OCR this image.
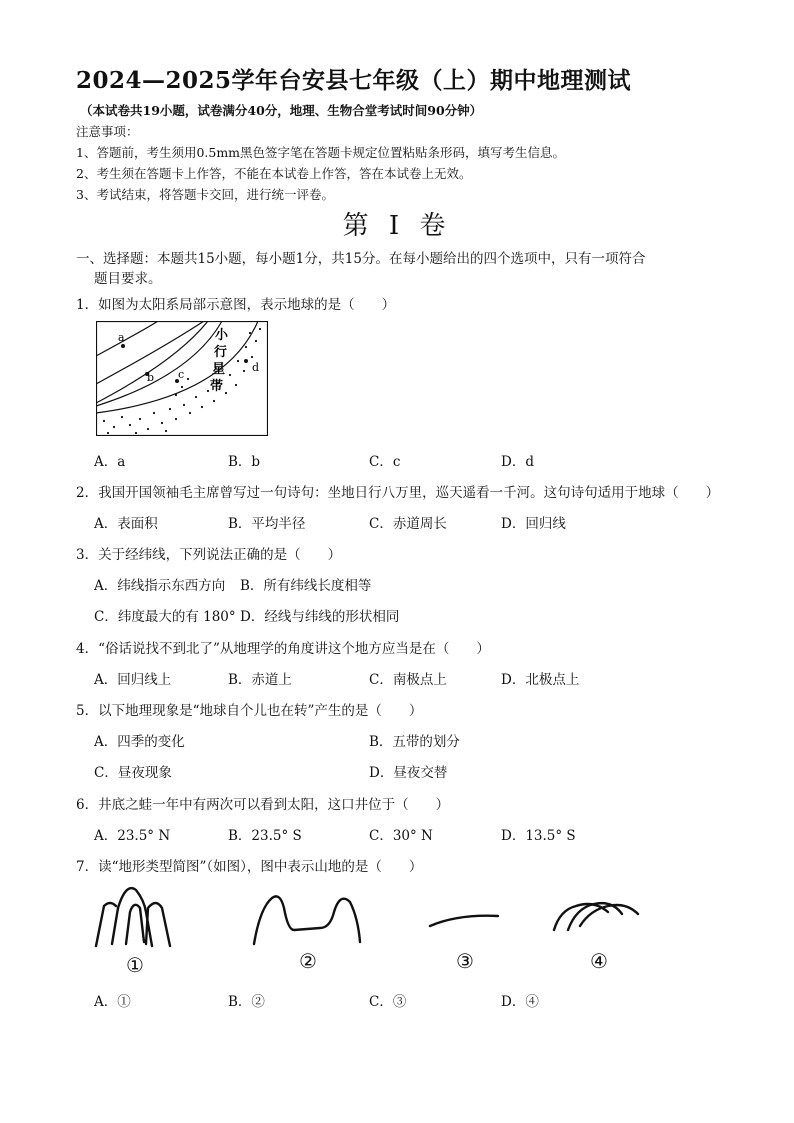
2024—2025学年台安县七年级（上）期中地理测试
（本试卷共19小题，试卷满分40分，地理、生物合堂考试时间90分钟）
注意事项：
1、答题前，考生须用0.5mm黑色签字笔在答题卡规定位置粘贴条形码，填写考生信息。
2、考生须在答题卡上作答，不能在本试卷上作答，答在本试卷上无效。
3、考试结束，将答题卡交回，进行统一评卷。
第 I 卷
一、选择题：本题共15小题，每小题1分，共15分。在每小题给出的四个选项中，只有一项符合
题目要求。
1．如图为太阳系局部示意图，表示地球的是（　　）
a
b c
d
小
行
星
带
A．a	B．b	C．c	D．d
2．我国开国领袖毛主席曾写过一句诗句：坐地日行八万里，巡天遥看一千河。这句诗句适用于地球（　　）
A．表面积	B．平均半径	C．赤道周长	D．回归线
3．关于经纬线，下列说法正确的是（　　）
A．纬线指示东西方向 B．所有纬线长度相等
C．纬度最大的有 180° D．经线与纬线的形状相同
4．“俗话说找不到北了”从地理学的角度讲这个地方应当是在（　　）
A．回归线上	B．赤道上	C．南极点上	D．北极点上
5．以下地理现象是“地球自个儿也在转”产生的是（　　）
A．四季的变化	B．五带的划分
C．昼夜现象	D．昼夜交替
6．井底之蛙一年中有两次可以看到太阳，这口井位于（　　）
A．23.5° N	B．23.5° S	C．30° N	D．13.5° S
7．读“地形类型简图”（如图），图中表示山地的是（　　）
①	②	③	④
A．①	B．②	C．③	D．④
